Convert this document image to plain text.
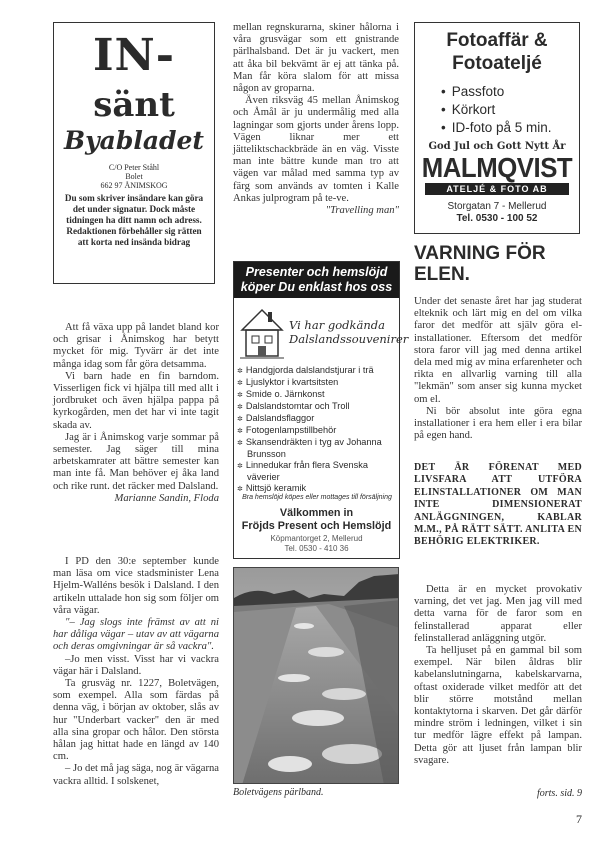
IN-
sänt
Byabladet
C/O Peter Ståhl
Bolet
662 97 ÅNIMSKOG
Du som skriver insändare kan göra det under signatur. Dock måste tidningen ha ditt namn och adress. Redaktionen förbehåller sig rätten att korta ned insända bidrag

Att få växa upp på landet bland kor och grisar i Ånimskog har betytt mycket för mig. Tyvärr är det inte många idag som får göra detsamma.

Vi barn hade en fin barndom. Visserligen fick vi hjälpa till med allt i jordbruket och även hjälpa pappa på kyrkogården, men det har vi inte tagit skada av.

Jag är i Ånimskog varje sommar på semester. Jag säger till mina arbetskamrater att bättre semester kan man inte få. Man behöver ej åka land och rike runt. det räcker med Dalsland.

Marianne Sandin, Floda

I PD den 30:e september kunde man läsa om vice stadsminister Lena Hjelm-Walléns besök i Dalsland. I den artikeln uttalade hon sig som följer om våra vägar.

"– Jag slogs inte främst av att ni har dåliga vägar – utav av att vägarna och deras omgivningar är så vackra".

–Jo men visst. Visst har vi vackra vägar här i Dalsland.

Ta grusväg nr. 1227, Boletvägen, som exempel. Alla som färdas på denna väg, i början av oktober, slås av hur "Underbart vacker" den är med alla sina gropar och hålor. Den största hålan jag hittat hade en längd av 140 cm.

– Jo det må jag säga, nog är vägarna vackra alltid. I solskenet,

mellan regnskurarna, skiner hålorna i våra grusvägar som ett gnistrande pärlhalsband. Det är ju vackert, men att åka bil bekvämt är ej att tänka på. Man får köra slalom för att missa någon av groparna.

Även riksväg 45 mellan Ånimskog och Åmål är ju undermålig med alla lagningar som gjorts under årens lopp. Vägen liknar mer ett jätteliktschackbräde än en väg. Visste man inte bättre kunde man tro att vägen var målad med samma typ av färg som används av tomten i Kalle Ankas julprogram på te-ve.

"Travelling man"

Presenter och hemslöjd köper Du enklast hos oss
Vi har godkända Dalslandssouvenirer
✲ Handgjorda dalslandstjurar i trä
✲ Ljuslyktor i kvartsitsten
✲ Smide o. Järnkonst
✲ Dalslandstomtar och Troll
✲ Dalslandsflaggor
✲ Fotogenlampstillbehör
✲ Skansendräkten i tyg av Johanna Brunsson
✲ Linnedukar från flera Svenska väverier
✲ Nittsjö keramik
Bra hemslöjd köpes eller mottages till försäljning
Välkommen in
Fröjds Present och Hemslöjd
Köpmantorget 2, Mellerud
Tel. 0530 - 410 36
Boletvägens pärlband.
Fotoaffär &
Fotoateljé
• Passfoto
• Körkort
• ID-foto på 5 min.
God Jul och Gott Nytt År
MALMQVIST
ATELJÉ & FOTO AB
Storgatan 7 - Mellerud
Tel. 0530 - 100 52
VARNING FÖR ELEN.

Under det senaste året har jag studerat elteknik och lärt mig en del om vilka faror det medför att själv göra el-installationer. Eftersom det medför stora faror vill jag med denna artikel dela med mig av mina erfarenheter och rikta en allvarlig varning till alla "lekmän" som anser sig kunna mycket om el.

Ni bör absolut inte göra egna installationer i era hem eller i era bilar på egen hand.

DET ÄR FÖRENAT MED LIVSFARA ATT UTFÖRA ELINSTALLATIONER OM MAN INTE DIMENSIONERAT ANLÄGGNINGEN, KABLAR M.M., PÅ RÄTT SÄTT. ANLITA EN BEHÖRIG ELEKTRIKER.

Detta är en mycket provokativ varning, det vet jag. Men jag vill med detta varna för de faror som en felinstallerad apparat eller felinstallerad anläggning utgör.

Ta helljuset på en gammal bil som exempel. När bilen åldras blir kabelanslutningarna, kabelskarvarna, oftast oxiderade vilket medför att det blir större motstånd mellan kontaktytorna i skarven. Det går därför mindre ström i ledningen, vilket i sin tur medför lägre effekt på lampan. Detta gör att ljuset från lampan blir svagare.

forts. sid. 9
7
